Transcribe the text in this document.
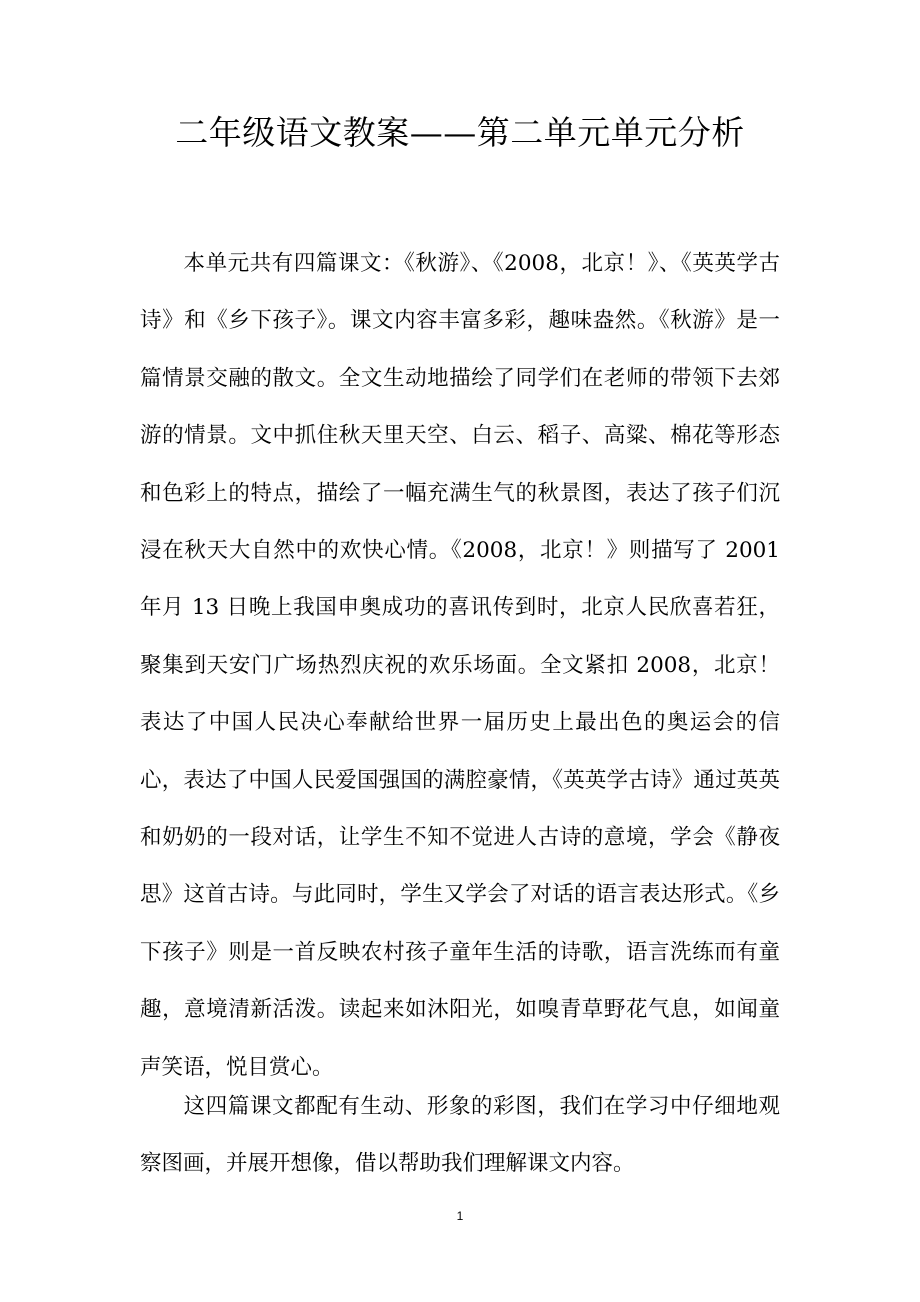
二年级语文教案——第二单元单元分析

本单元共有四篇课文：《秋游》、《2008，北京！》、《英英学古诗》和《乡下孩子》。课文内容丰富多彩，趣味盎然。《秋游》是一篇情景交融的散文。全文生动地描绘了同学们在老师的带领下去郊游的情景。文中抓住秋天里天空、白云、稻子、高粱、棉花等形态和色彩上的特点，描绘了一幅充满生气的秋景图，表达了孩子们沉浸在秋天大自然中的欢快心情。《2008，北京！》则描写了 2001 年月 13 日晚上我国申奥成功的喜讯传到时，北京人民欣喜若狂，聚集到天安门广场热烈庆祝的欢乐场面。全文紧扣 2008，北京！表达了中国人民决心奉献给世界一届历史上最出色的奥运会的信心，表达了中国人民爱国强国的满腔豪情，《英英学古诗》通过英英和奶奶的一段对话，让学生不知不觉进人古诗的意境，学会《静夜思》这首古诗。与此同时，学生又学会了对话的语言表达形式。《乡下孩子》则是一首反映农村孩子童年生活的诗歌，语言洗练而有童趣，意境清新活泼。读起来如沐阳光，如嗅青草野花气息，如闻童声笑语，悦目赏心。

这四篇课文都配有生动、形象的彩图，我们在学习中仔细地观察图画，并展开想像，借以帮助我们理解课文内容。

1
